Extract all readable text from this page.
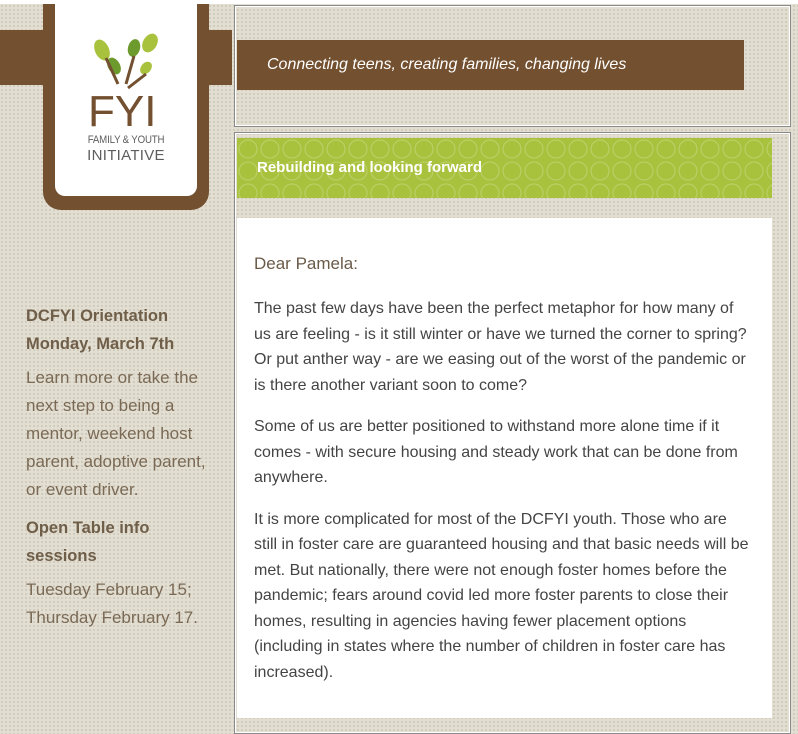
FYI
FAMILY & YOUTH
INITIATIVE
DCFYI Orientation
Monday, March 7th
Learn more or take the next step to being a mentor, weekend host parent, adoptive parent, or event driver.
Open Table info sessions
Tuesday February 15; Thursday February 17.
Connecting teens, creating families, changing lives
Rebuilding and looking forward

Dear Pamela:

The past few days have been the perfect metaphor for how many of us are feeling - is it still winter or have we turned the corner to spring? Or put anther way - are we easing out of the worst of the pandemic or is there another variant soon to come?

Some of us are better positioned to withstand more alone time if it comes - with secure housing and steady work that can be done from anywhere.

It is more complicated for most of the DCFYI youth. Those who are still in foster care are guaranteed housing and that basic needs will be met. But nationally, there were not enough foster homes before the pandemic; fears around covid led more foster parents to close their homes, resulting in agencies having fewer placement options (including in states where the number of children in foster care has increased).
